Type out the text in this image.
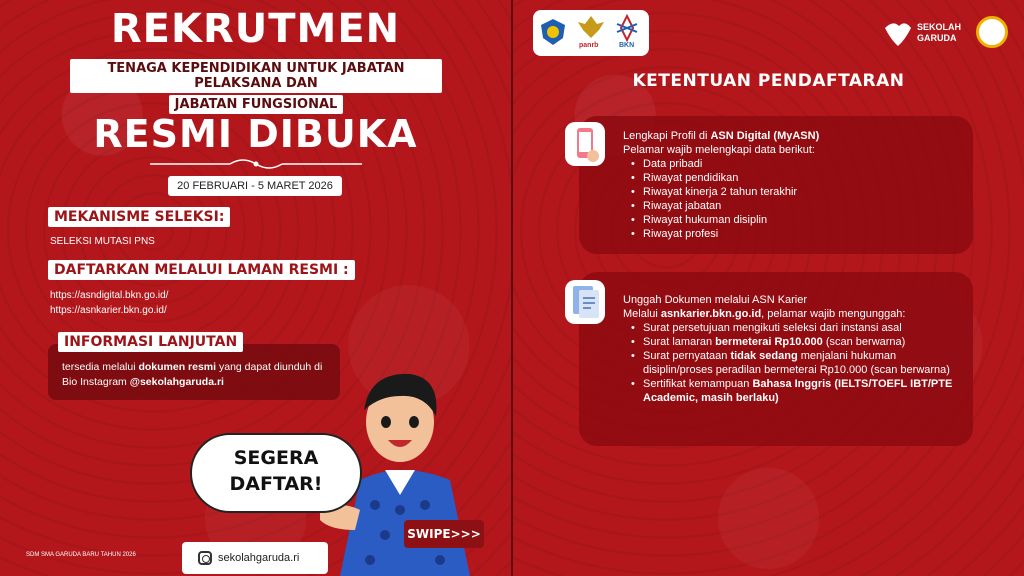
REKRUTMEN
TENAGA KEPENDIDIKAN UNTUK JABATAN PELAKSANA DAN
JABATAN FUNGSIONAL
RESMI DIBUKA
20 FEBRUARI - 5 MARET 2026
MEKANISME SELEKSI:
SELEKSI MUTASI PNS
DAFTARKAN MELALUI LAMAN RESMI :
https://asndigital.bkn.go.id/
https://asnkarier.bkn.go.id/
INFORMASI LANJUTAN
tersedia melalui dokumen resmi yang dapat diunduh di Bio Instagram @sekolahgaruda.ri
SEGERA
DAFTAR!
SWIPE>>>
SDM SMA GARUDA BARU TAHUN 2026	sekolahgaruda.ri
panrb	BKN
SEKOLAH
GARUDA
KETENTUAN PENDAFTARAN
Lengkapi Profil di ASN Digital (MyASN)
Pelamar wajib melengkapi data berikut:
• Data pribadi
• Riwayat pendidikan
• Riwayat kinerja 2 tahun terakhir
• Riwayat jabatan
• Riwayat hukuman disiplin
• Riwayat profesi
Unggah Dokumen melalui ASN Karier
Melalui asnkarier.bkn.go.id, pelamar wajib mengunggah:
• Surat persetujuan mengikuti seleksi dari instansi asal
• Surat lamaran bermeterai Rp10.000 (scan berwarna)
• Surat pernyataan tidak sedang menjalani hukuman disiplin/proses peradilan bermeterai Rp10.000 (scan berwarna)
• Sertifikat kemampuan Bahasa Inggris (IELTS/TOEFL IBT/PTE Academic, masih berlaku)
